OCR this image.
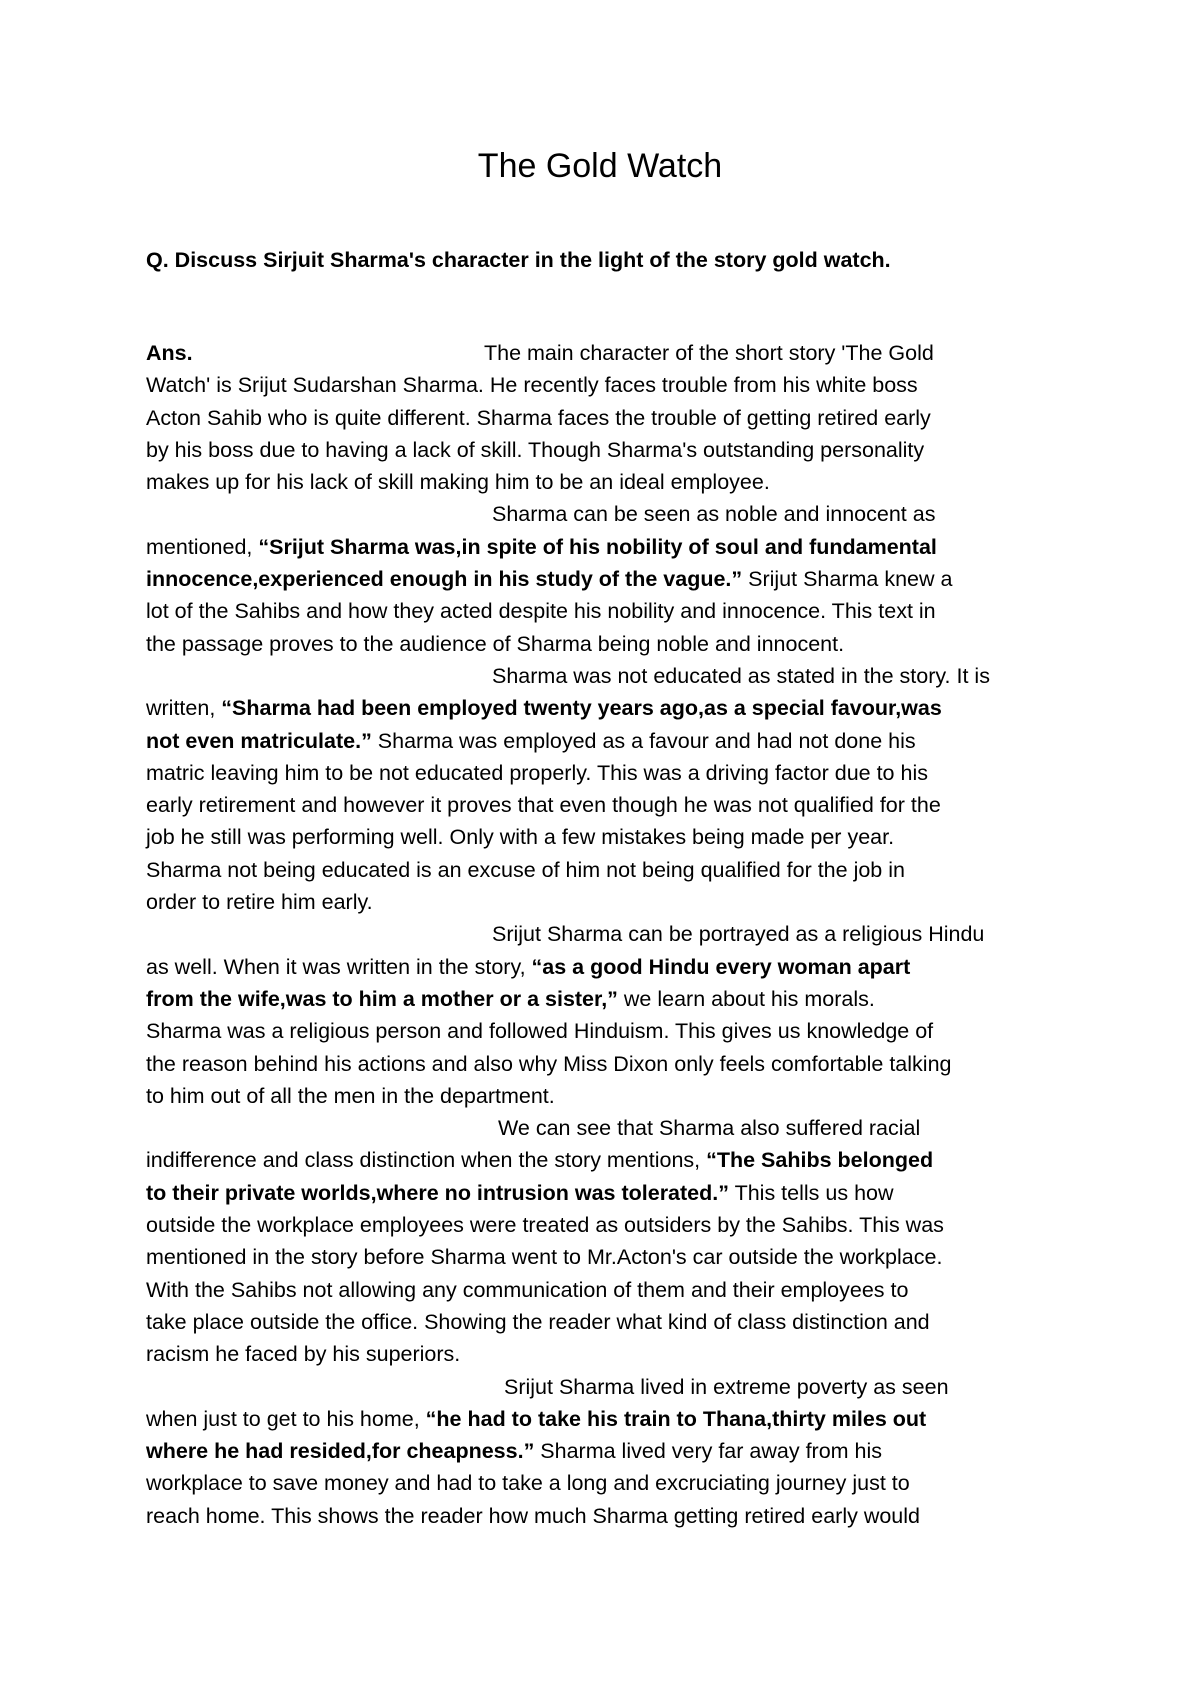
The Gold Watch

Q. Discuss Sirjuit Sharma's character in the light of the story gold watch.

Ans.	The main character of the short story 'The Gold
Watch' is Srijut Sudarshan Sharma. He recently faces trouble from his white boss
Acton Sahib who is quite different. Sharma faces the trouble of getting retired early
by his boss due to having a lack of skill. Though Sharma's outstanding personality
makes up for his lack of skill making him to be an ideal employee.
Sharma can be seen as noble and innocent as
mentioned, “Srijut Sharma was,in spite of his nobility of soul and fundamental
innocence,experienced enough in his study of the vague.” Srijut Sharma knew a
lot of the Sahibs and how they acted despite his nobility and innocence. This text in
the passage proves to the audience of Sharma being noble and innocent.
Sharma was not educated as stated in the story. It is
written, “Sharma had been employed twenty years ago,as a special favour,was
not even matriculate.” Sharma was employed as a favour and had not done his
matric leaving him to be not educated properly. This was a driving factor due to his
early retirement and however it proves that even though he was not qualified for the
job he still was performing well. Only with a few mistakes being made per year.
Sharma not being educated is an excuse of him not being qualified for the job in
order to retire him early.
Srijut Sharma can be portrayed as a religious Hindu
as well. When it was written in the story, “as a good Hindu every woman apart
from the wife,was to him a mother or a sister,” we learn about his morals.
Sharma was a religious person and followed Hinduism. This gives us knowledge of
the reason behind his actions and also why Miss Dixon only feels comfortable talking
to him out of all the men in the department.
We can see that Sharma also suffered racial
indifference and class distinction when the story mentions, “The Sahibs belonged
to their private worlds,where no intrusion was tolerated.” This tells us how
outside the workplace employees were treated as outsiders by the Sahibs. This was
mentioned in the story before Sharma went to Mr.Acton's car outside the workplace.
With the Sahibs not allowing any communication of them and their employees to
take place outside the office. Showing the reader what kind of class distinction and
racism he faced by his superiors.
Srijut Sharma lived in extreme poverty as seen
when just to get to his home, “he had to take his train to Thana,thirty miles out
where he had resided,for cheapness.” Sharma lived very far away from his
workplace to save money and had to take a long and excruciating journey just to
reach home. This shows the reader how much Sharma getting retired early would
